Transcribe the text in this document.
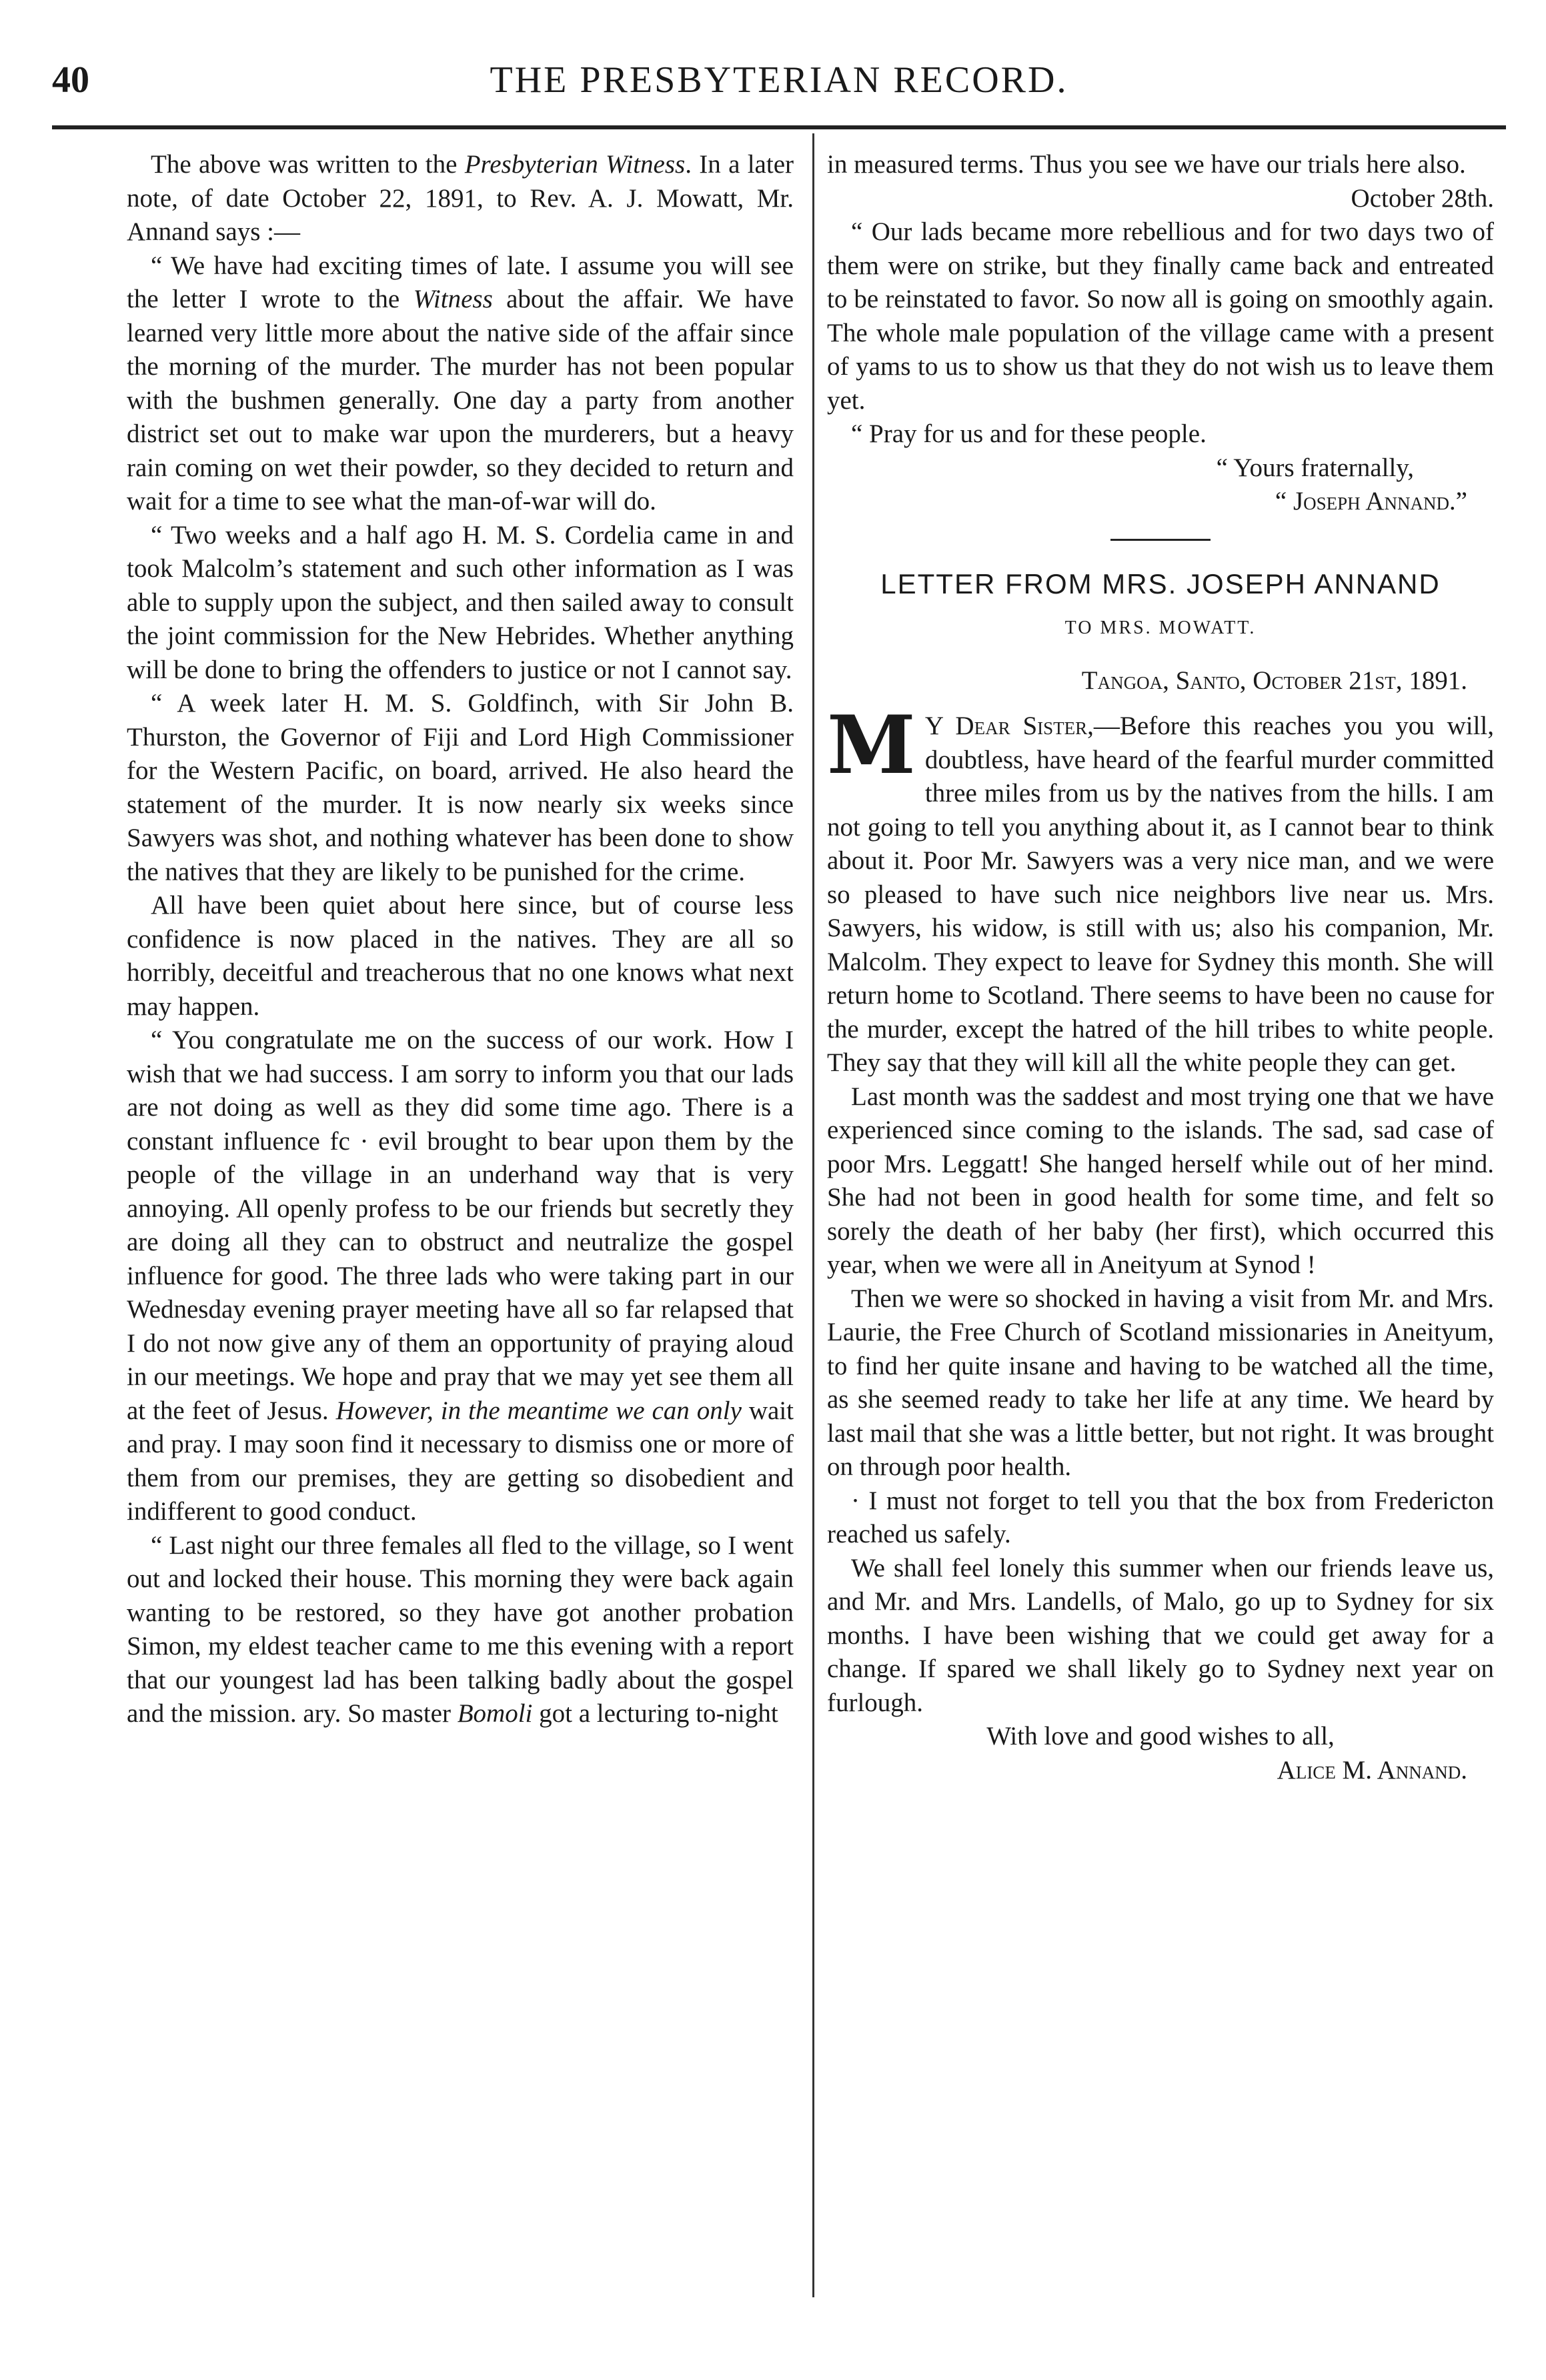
40	THE PRESBYTERIAN RECORD.

The above was written to the Presbyterian Witness. In a later note, of date October 22, 1891, to Rev. A. J. Mowatt, Mr. Annand says :—

“ We have had exciting times of late. I assume you will see the letter I wrote to the Witness about the affair. We have learned very little more about the native side of the affair since the morning of the murder. The murder has not been popular with the bushmen generally. One day a party from another district set out to make war upon the murderers, but a heavy rain coming on wet their powder, so they decided to return and wait for a time to see what the man-of-war will do.

“ Two weeks and a half ago H. M. S. Cordelia came in and took Malcolm’s statement and such other information as I was able to supply upon the subject, and then sailed away to consult the joint commission for the New Hebrides. Whether anything will be done to bring the offenders to justice or not I cannot say.

“ A week later H. M. S. Goldfinch, with Sir John B. Thurston, the Governor of Fiji and Lord High Commissioner for the Western Pacific, on board, arrived. He also heard the statement of the murder. It is now nearly six weeks since Sawyers was shot, and nothing whatever has been done to show the natives that they are likely to be punished for the crime.

All have been quiet about here since, but of course less confidence is now placed in the natives. They are all so horribly, deceitful and treacherous that no one knows what next may happen.

“ You congratulate me on the success of our work. How I wish that we had success. I am sorry to inform you that our lads are not doing as well as they did some time ago. There is a constant influence fc · evil brought to bear upon them by the people of the village in an underhand way that is very annoying. All openly profess to be our friends but secretly they are doing all they can to obstruct and neutralize the gospel influence for good. The three lads who were taking part in our Wednesday evening prayer meeting have all so far relapsed that I do not now give any of them an opportunity of praying aloud in our meetings. We hope and pray that we may yet see them all at the feet of Jesus. However, in the meantime we can only wait and pray. I may soon find it necessary to dismiss one or more of them from our premises, they are getting so disobedient and indifferent to good conduct.

“ Last night our three females all fled to the village, so I went out and locked their house. This morning they were back again wanting to be restored, so they have got another probation Simon, my eldest teacher came to me this evening with a report that our youngest lad has been talking badly about the gospel and the mission. ary. So master Bomoli got a lecturing to-night

in measured terms. Thus you see we have our trials here also.

October 28th.

“ Our lads became more rebellious and for two days two of them were on strike, but they finally came back and entreated to be reinstated to favor. So now all is going on smoothly again. The whole male population of the village came with a present of yams to us to show us that they do not wish us to leave them yet.

“ Pray for us and for these people.

“ Yours fraternally,

“ Joseph Annand.”

LETTER FROM MRS. JOSEPH ANNAND
TO MRS. MOWATT.
Tangoa, Santo, October 21st, 1891.

M Y Dear Sister,—Before this reaches you you will, doubtless, have heard of the fearful murder committed three miles from us by the natives from the hills. I am not going to tell you anything about it, as I cannot bear to think about it. Poor Mr. Sawyers was a very nice man, and we were so pleased to have such nice neighbors live near us. Mrs. Sawyers, his widow, is still with us; also his companion, Mr. Malcolm. They expect to leave for Sydney this month. She will return home to Scotland. There seems to have been no cause for the murder, except the hatred of the hill tribes to white people. They say that they will kill all the white people they can get.

Last month was the saddest and most trying one that we have experienced since coming to the islands. The sad, sad case of poor Mrs. Leggatt! She hanged herself while out of her mind. She had not been in good health for some time, and felt so sorely the death of her baby (her first), which occurred this year, when we were all in Aneityum at Synod !

Then we were so shocked in having a visit from Mr. and Mrs. Laurie, the Free Church of Scotland missionaries in Aneityum, to find her quite insane and having to be watched all the time, as she seemed ready to take her life at any time. We heard by last mail that she was a little better, but not right. It was brought on through poor health.

· I must not forget to tell you that the box from Fredericton reached us safely.

We shall feel lonely this summer when our friends leave us, and Mr. and Mrs. Landells, of Malo, go up to Sydney for six months. I have been wishing that we could get away for a change. If spared we shall likely go to Sydney next year on furlough.

With love and good wishes to all,

Alice M. Annand.
